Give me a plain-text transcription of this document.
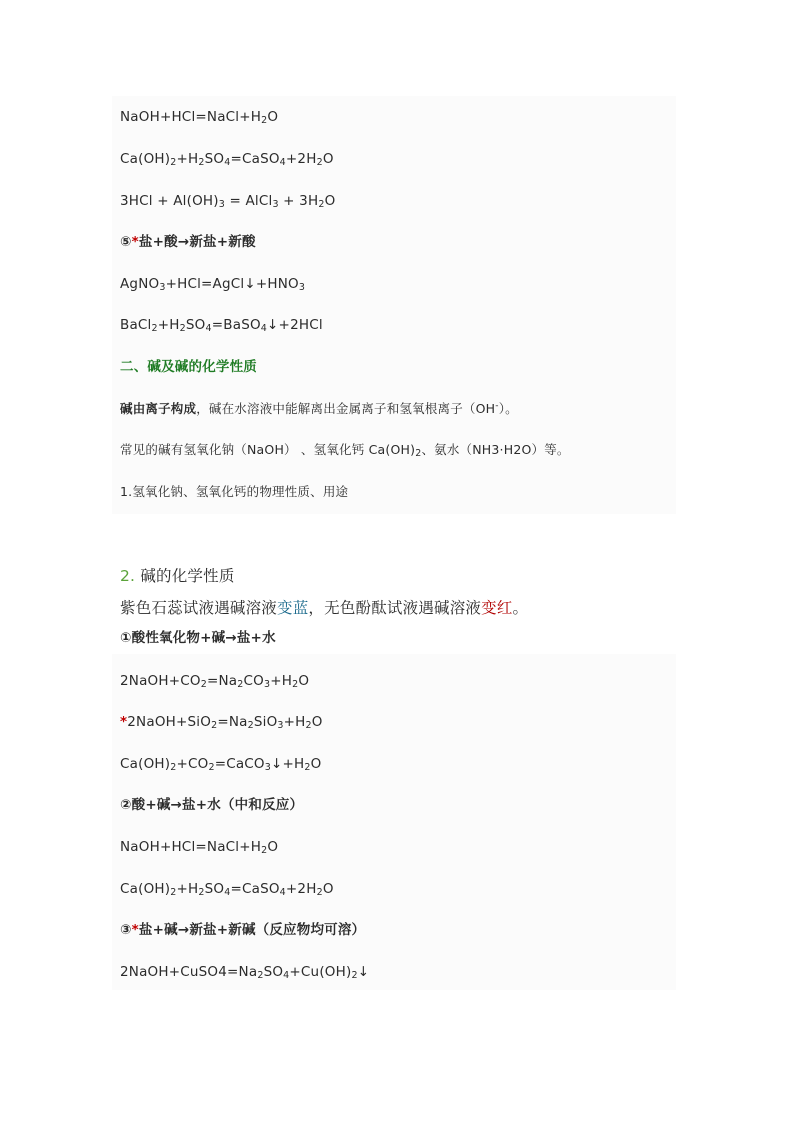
$NaOH+HCl=NaCl+H_2O$
$Ca(OH)_2+H_2SO_4=CaSO_4+2H_2O$
$3HCl + Al(OH)_3$ = AlCl$_3$ + $3H_2O$
⑤*盐+酸→新盐+新酸
$AgNO_3+HCl=AgCl↓+HNO_3$
$BaCl_2+H_2SO_4=BaSO_4↓+2HCl$
二、碱及碱的化学性质
碱由离子构成，碱在水溶液中能解离出金属离子和氢氧根离子（OH-）。
常见的碱有氢氧化钠（NaOH） 、氢氧化钙 $Ca(OH)_2$、氨水（NH3·H2O）等。
1.氢氧化钠、氢氧化钙的物理性质、用途
2. 碱的化学性质
紫色石蕊试液遇碱溶液变蓝，无色酚酞试液遇碱溶液变红。
①酸性氧化物+碱→盐+水
$2NaOH+CO_2=Na_2CO_3+H_2O$
$*2NaOH+SiO_2=Na_2SiO_3+H_2O$
$Ca(OH)_2+CO_2=CaCO_3↓+H_2O$
②酸+碱→盐+水（中和反应）
$NaOH+HCl=NaCl+H_2O$
$Ca(OH)_2+H_2SO_4=CaSO_4+2H_2O$
③*盐+碱→新盐+新碱（反应物均可溶）
$2NaOH+CuSO4=Na_2SO_4+Cu(OH)_2↓$
